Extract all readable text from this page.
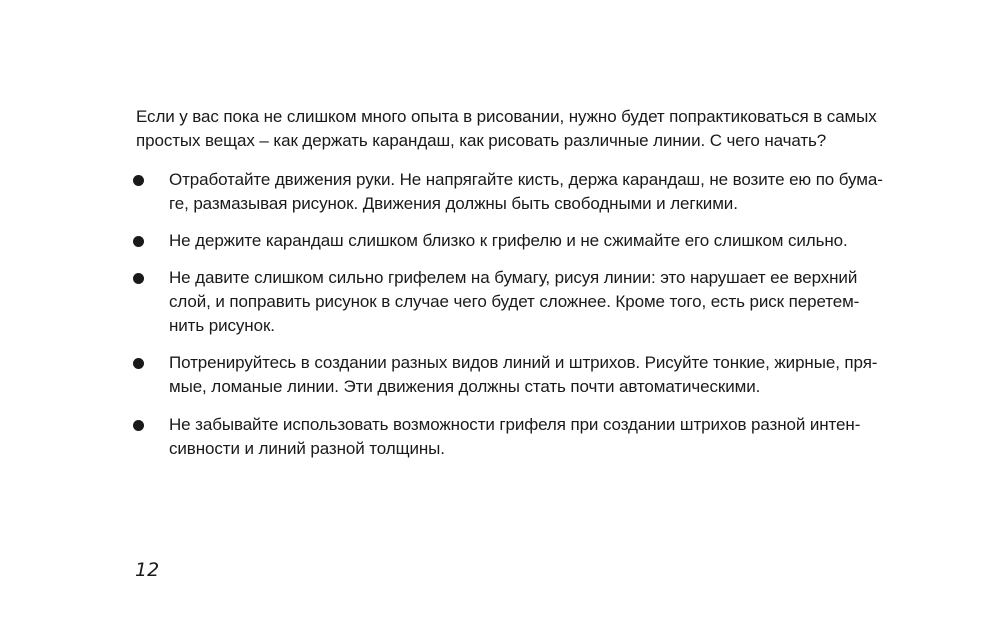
Если у вас пока не слишком много опыта в рисовании, нужно будет попрактиковаться в самых
простых вещах – как держать карандаш, как рисовать различные линии. С чего начать?
Отработайте движения руки. Не напрягайте кисть, держа карандаш, не возите ею по бума-
ге, размазывая рисунок. Движения должны быть свободными и легкими.
Не держите карандаш слишком близко к грифелю и не сжимайте его слишком сильно.
Не давите слишком сильно грифелем на бумагу, рисуя линии: это нарушает ее верхний
слой, и поправить рисунок в случае чего будет сложнее. Кроме того, есть риск перетем-
нить рисунок.
Потренируйтесь в создании разных видов линий и штрихов. Рисуйте тонкие, жирные, пря-
мые, ломаные линии. Эти движения должны стать почти автоматическими.
Не забывайте использовать возможности грифеля при создании штрихов разной интен-
сивности и линий разной толщины.
12
